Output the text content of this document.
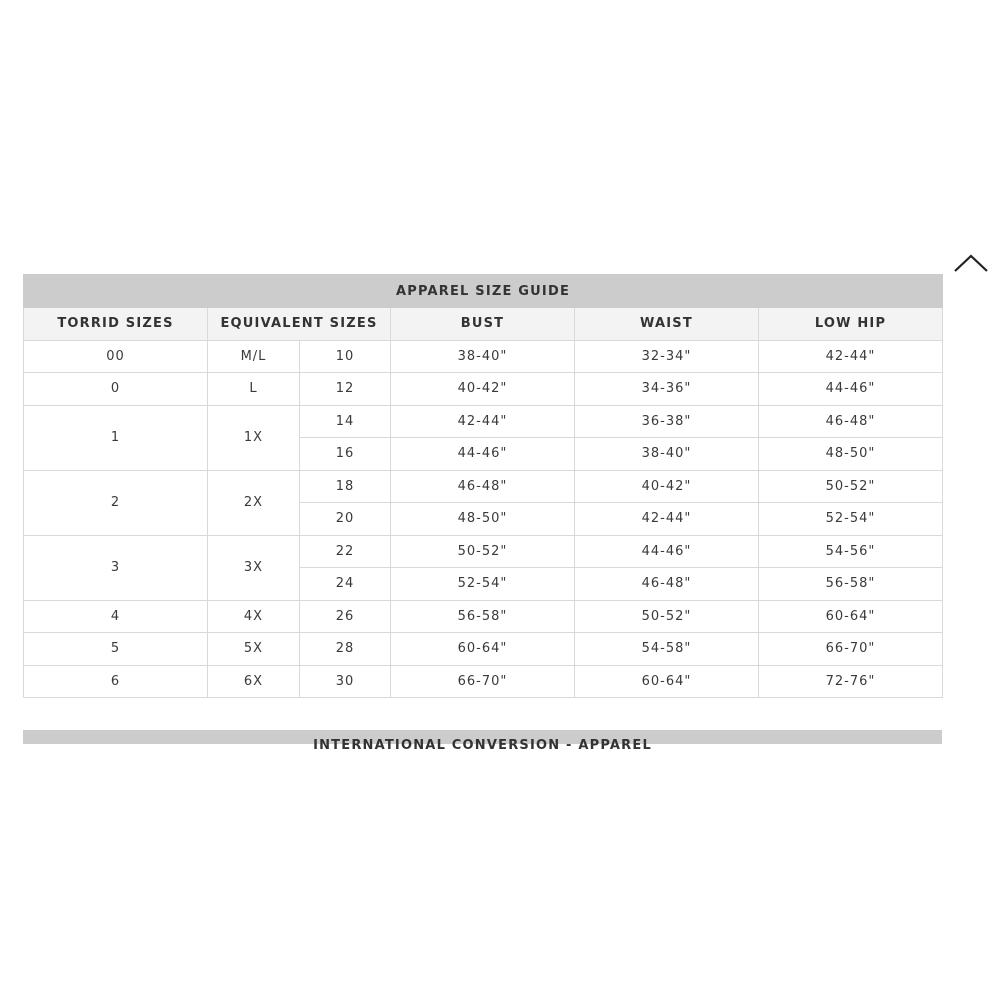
APPAREL SIZE GUIDE					
TORRID SIZES	EQUIVALENT SIZES		BUST	WAIST	LOW HIP
00	M/L	10	38-40"	32-34"	42-44"
0	L	12	40-42"	34-36"	44-46"
1	1X	14	42-44"	36-38"	46-48"
		16	44-46"	38-40"	48-50"
2	2X	18	46-48"	40-42"	50-52"
		20	48-50"	42-44"	52-54"
3	3X	22	50-52"	44-46"	54-56"
		24	52-54"	46-48"	56-58"
4	4X	26	56-58"	50-52"	60-64"
5	5X	28	60-64"	54-58"	66-70"
6	6X	30	66-70"	60-64"	72-76"
INTERNATIONAL CONVERSION - APPAREL
